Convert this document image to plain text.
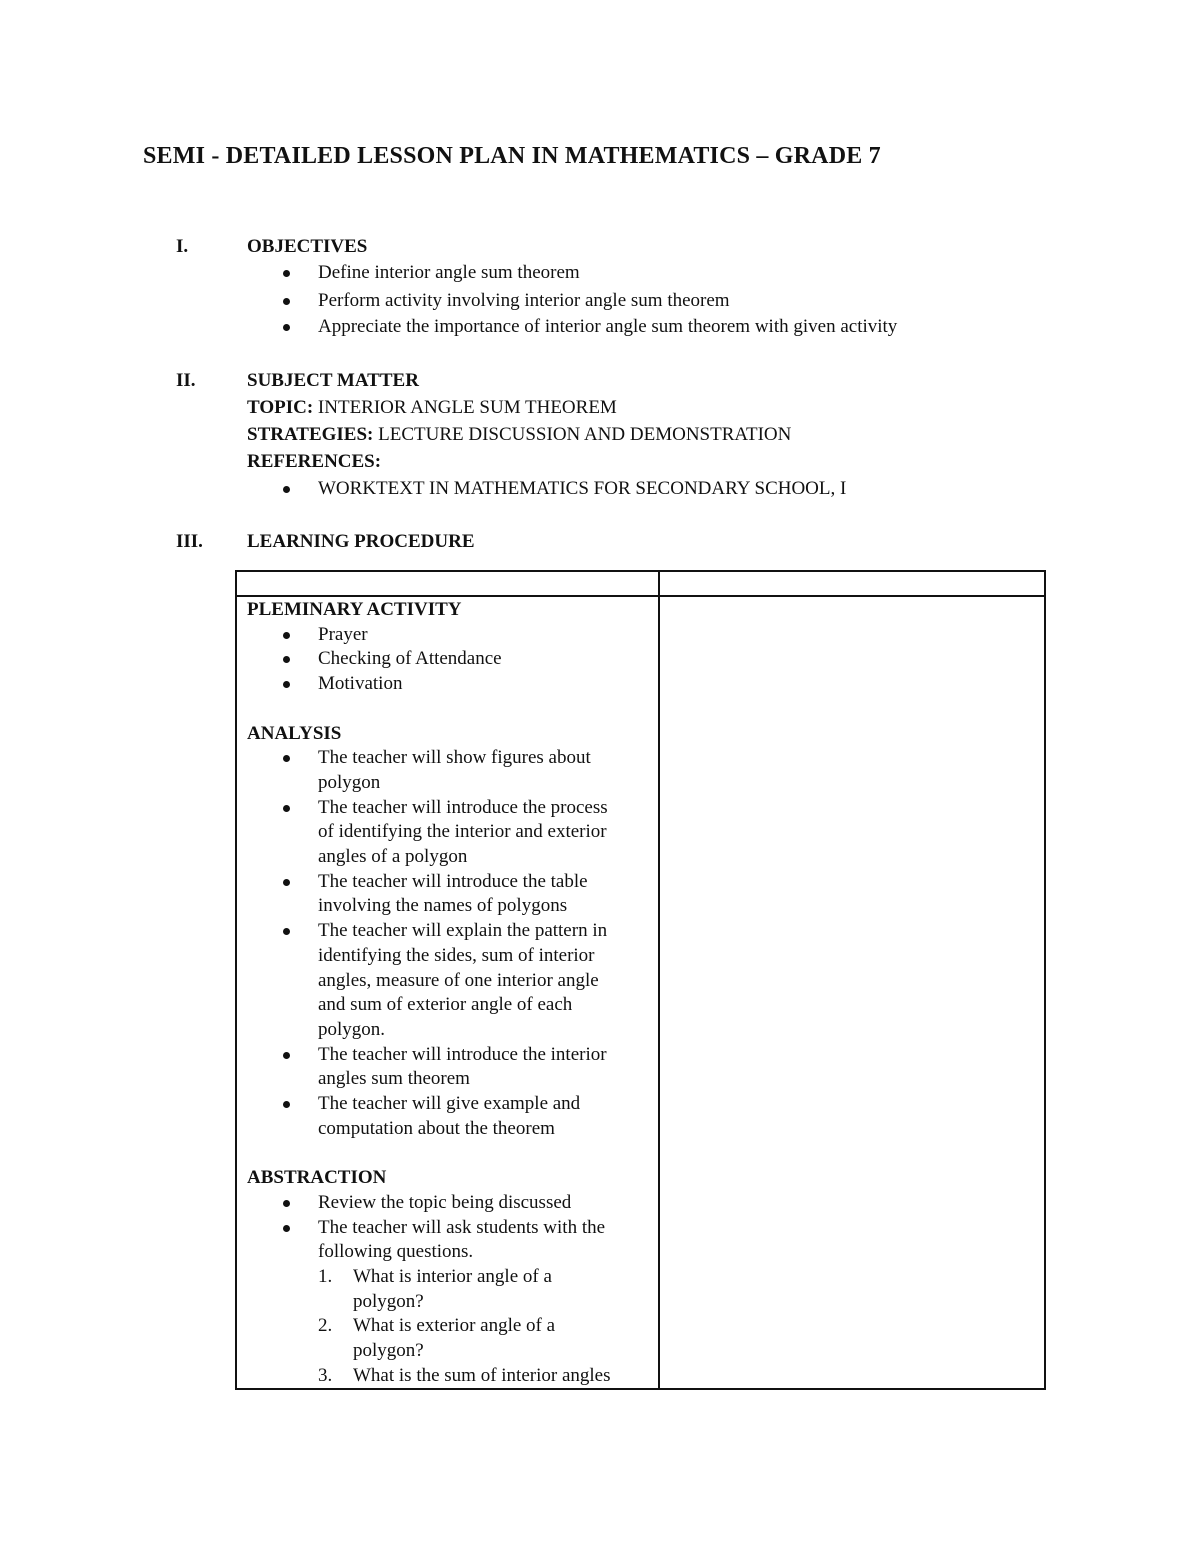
SEMI - DETAILED LESSON PLAN IN MATHEMATICS – GRADE 7
I.	OBJECTIVES
Define interior angle sum theorem
Perform activity involving interior angle sum theorem
Appreciate the importance of interior angle sum theorem with given activity
II.	SUBJECT MATTER
TOPIC: INTERIOR ANGLE SUM THEOREM
STRATEGIES: LECTURE DISCUSSION AND DEMONSTRATION
REFERENCES:
WORKTEXT IN MATHEMATICS FOR SECONDARY SCHOOL, I
III. LEARNING PROCEDURE
PLEMINARY ACTIVITY
Prayer
Checking of Attendance
Motivation
ANALYSIS
The teacher will show figures about
polygon
The teacher will introduce the process
of identifying the interior and exterior
angles of a polygon
The teacher will introduce the table
involving the names of polygons
The teacher will explain the pattern in
identifying the sides, sum of interior
angles, measure of one interior angle
and sum of exterior angle of each
polygon.
The teacher will introduce the interior
angles sum theorem
The teacher will give example and
computation about the theorem
ABSTRACTION
Review the topic being discussed
The teacher will ask students with the
following questions.
1. What is interior angle of a
polygon?
2. What is exterior angle of a
polygon?
3. What is the sum of interior angles
